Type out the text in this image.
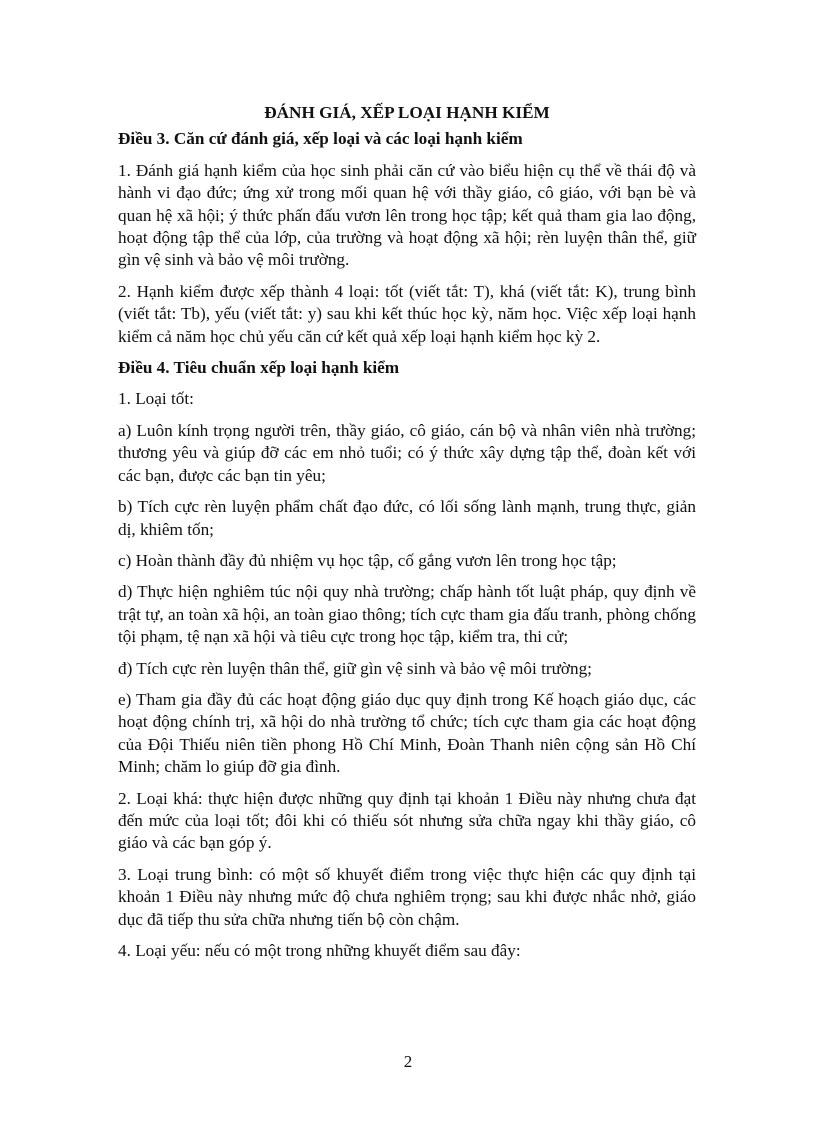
ĐÁNH GIÁ, XẾP LOẠI HẠNH KIỂM

Điều 3. Căn cứ đánh giá, xếp loại và các loại hạnh kiểm

1. Đánh giá hạnh kiểm của học sinh phải căn cứ vào biểu hiện cụ thể về thái độ và hành vi đạo đức; ứng xử trong mối quan hệ với thầy giáo, cô giáo, với bạn bè và quan hệ xã hội; ý thức phấn đấu vươn lên trong học tập; kết quả tham gia lao động, hoạt động tập thể của lớp, của trường và hoạt động xã hội; rèn luyện thân thể, giữ gìn vệ sinh và bảo vệ môi trường.

2. Hạnh kiểm được xếp thành 4 loại: tốt (viết tắt: T), khá (viết tắt: K), trung bình (viết tắt: Tb), yếu (viết tắt: y) sau khi kết thúc học kỳ, năm học. Việc xếp loại hạnh kiểm cả năm học chủ yếu căn cứ kết quả xếp loại hạnh kiểm học kỳ 2.

Điều 4. Tiêu chuẩn xếp loại hạnh kiểm

1. Loại tốt:

a) Luôn kính trọng người trên, thầy giáo, cô giáo, cán bộ và nhân viên nhà trường; thương yêu và giúp đỡ các em nhỏ tuổi; có ý thức xây dựng tập thể, đoàn kết với các bạn, được các bạn tin yêu;

b) Tích cực rèn luyện phẩm chất đạo đức, có lối sống lành mạnh, trung thực, giản dị, khiêm tốn;

c) Hoàn thành đầy đủ nhiệm vụ học tập, cố gắng vươn lên trong học tập;

d) Thực hiện nghiêm túc nội quy nhà trường; chấp hành tốt luật pháp, quy định về trật tự, an toàn xã hội, an toàn giao thông; tích cực tham gia đấu tranh, phòng chống tội phạm, tệ nạn xã hội và tiêu cực trong học tập, kiểm tra, thi cử;

đ) Tích cực rèn luyện thân thể, giữ gìn vệ sinh và bảo vệ môi trường;

e) Tham gia đầy đủ các hoạt động giáo dục quy định trong Kế hoạch giáo dục, các hoạt động chính trị, xã hội do nhà trường tổ chức; tích cực tham gia các hoạt động của Đội Thiếu niên tiền phong Hồ Chí Minh, Đoàn Thanh niên cộng sản Hồ Chí Minh; chăm lo giúp đỡ gia đình.

2. Loại khá: thực hiện được những quy định tại khoản 1 Điều này nhưng chưa đạt đến mức của loại tốt; đôi khi có thiếu sót nhưng sửa chữa ngay khi thầy giáo, cô giáo và các bạn góp ý.

3. Loại trung bình: có một số khuyết điểm trong việc thực hiện các quy định tại khoản 1 Điều này nhưng mức độ chưa nghiêm trọng; sau khi được nhắc nhở, giáo dục đã tiếp thu sửa chữa nhưng tiến bộ còn chậm.

4. Loại yếu: nếu có một trong những khuyết điểm sau đây:

2
